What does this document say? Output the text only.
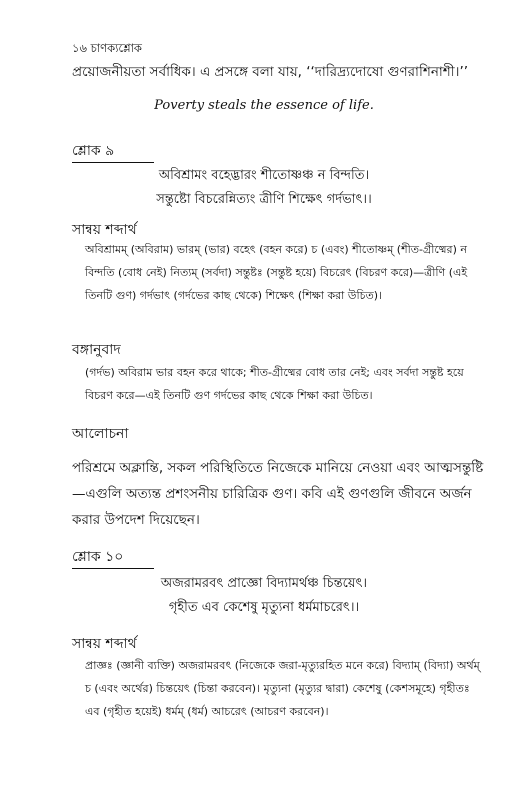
১৬ চাণক্যশ্লোক
প্রয়োজনীয়তা সর্বাধিক। এ প্রসঙ্গে বলা যায়, ‘‘দারিদ্র্যদোষো গুণরাশিনাশী।’’
Poverty steals the essence of life.
শ্লোক ৯
অবিশ্রামং বহেদ্ভারং শীতোষ্ণঞ্চ ন বিন্দতি।
সন্তুষ্টো বিচরেন্নিত্যং ত্রীণি শিক্ষেৎ গর্দভাৎ।।
সান্বয় শব্দার্থ
অবিশ্রামম্‌ (অবিরাম) ভারম্‌ (ভার) বহেৎ (বহন করে) চ (এবং) শীতোষ্ণম্‌ (শীত-গ্রীষ্মের) ন বিন্দতি (বোধ নেই) নিত্যম্‌ (সর্বদা) সন্তুষ্টঃ (সন্তুষ্ট হয়ে) বিচরেৎ (বিচরণ করে)—ত্রীণি (এই তিনটি গুণ) গর্দভাৎ (গর্দভের কাছ থেকে) শিক্ষেৎ (শিক্ষা করা উচিত)।
বঙ্গানুবাদ
(গর্দভ) অবিরাম ভার বহন করে থাকে; শীত-গ্রীষ্মের বোধ তার নেই; এবং সর্বদা সন্তুষ্ট হয়ে বিচরণ করে—এই তিনটি গুণ গর্দভের কাছ থেকে শিক্ষা করা উচিত।
আলোচনা
পরিশ্রমে অক্লান্তি, সকল পরিস্থিতিতে নিজেকে মানিয়ে নেওয়া এবং আত্মসন্তুষ্টি—এগুলি অত্যন্ত প্রশংসনীয় চারিত্রিক গুণ। কবি এই গুণগুলি জীবনে অর্জন করার উপদেশ দিয়েছেন।
শ্লোক ১০
অজরামরবৎ প্রাজ্ঞো বিদ্যামর্থঞ্চ চিন্তয়েৎ।
গৃহীত এব কেশেষু মৃত্যুনা ধর্মমাচরেৎ।।
সান্বয় শব্দার্থ
প্রাজ্ঞঃ (জ্ঞানী ব্যক্তি) অজরামরবৎ (নিজেকে জরা-মৃত্যুরহিত মনে করে) বিদ্যাম্‌ (বিদ্যা) অর্থম্‌ চ (এবং অর্থের) চিন্তয়েৎ (চিন্তা করবেন)। মৃত্যুনা (মৃত্যুর দ্বারা) কেশেষু (কেশসমূহে) গৃহীতঃ এব (গৃহীত হয়েই) ধর্মম্‌ (ধর্ম) আচরেৎ (আচরণ করবেন)।
